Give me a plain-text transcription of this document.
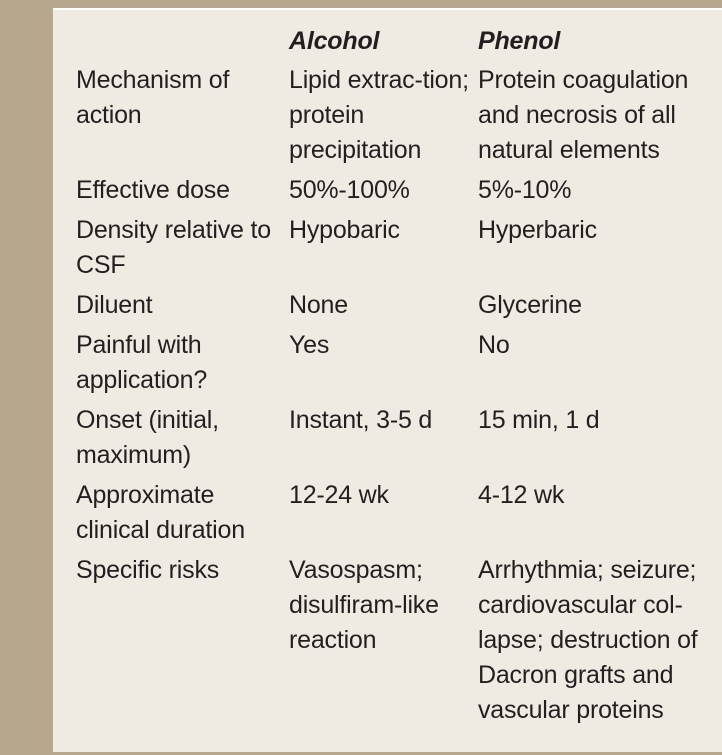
	Alcohol	Phenol
Mechanism of action	Lipid extrac-tion; protein precipitation	Protein coagulation and necrosis of all natural elements
Effective dose	50%-100%	5%-10%
Density relative to CSF	Hypobaric	Hyperbaric
Diluent	None	Glycerine
Painful with application?	Yes	No
Onset (initial, maximum)	Instant, 3-5 d	15 min, 1 d
Approximate clinical duration	12-24 wk	4-12 wk
Specific risks	Vasospasm; disulfiram-like reaction	Arrhythmia; seizure; cardiovascular col-lapse; destruction of Dacron grafts and vascular proteins
